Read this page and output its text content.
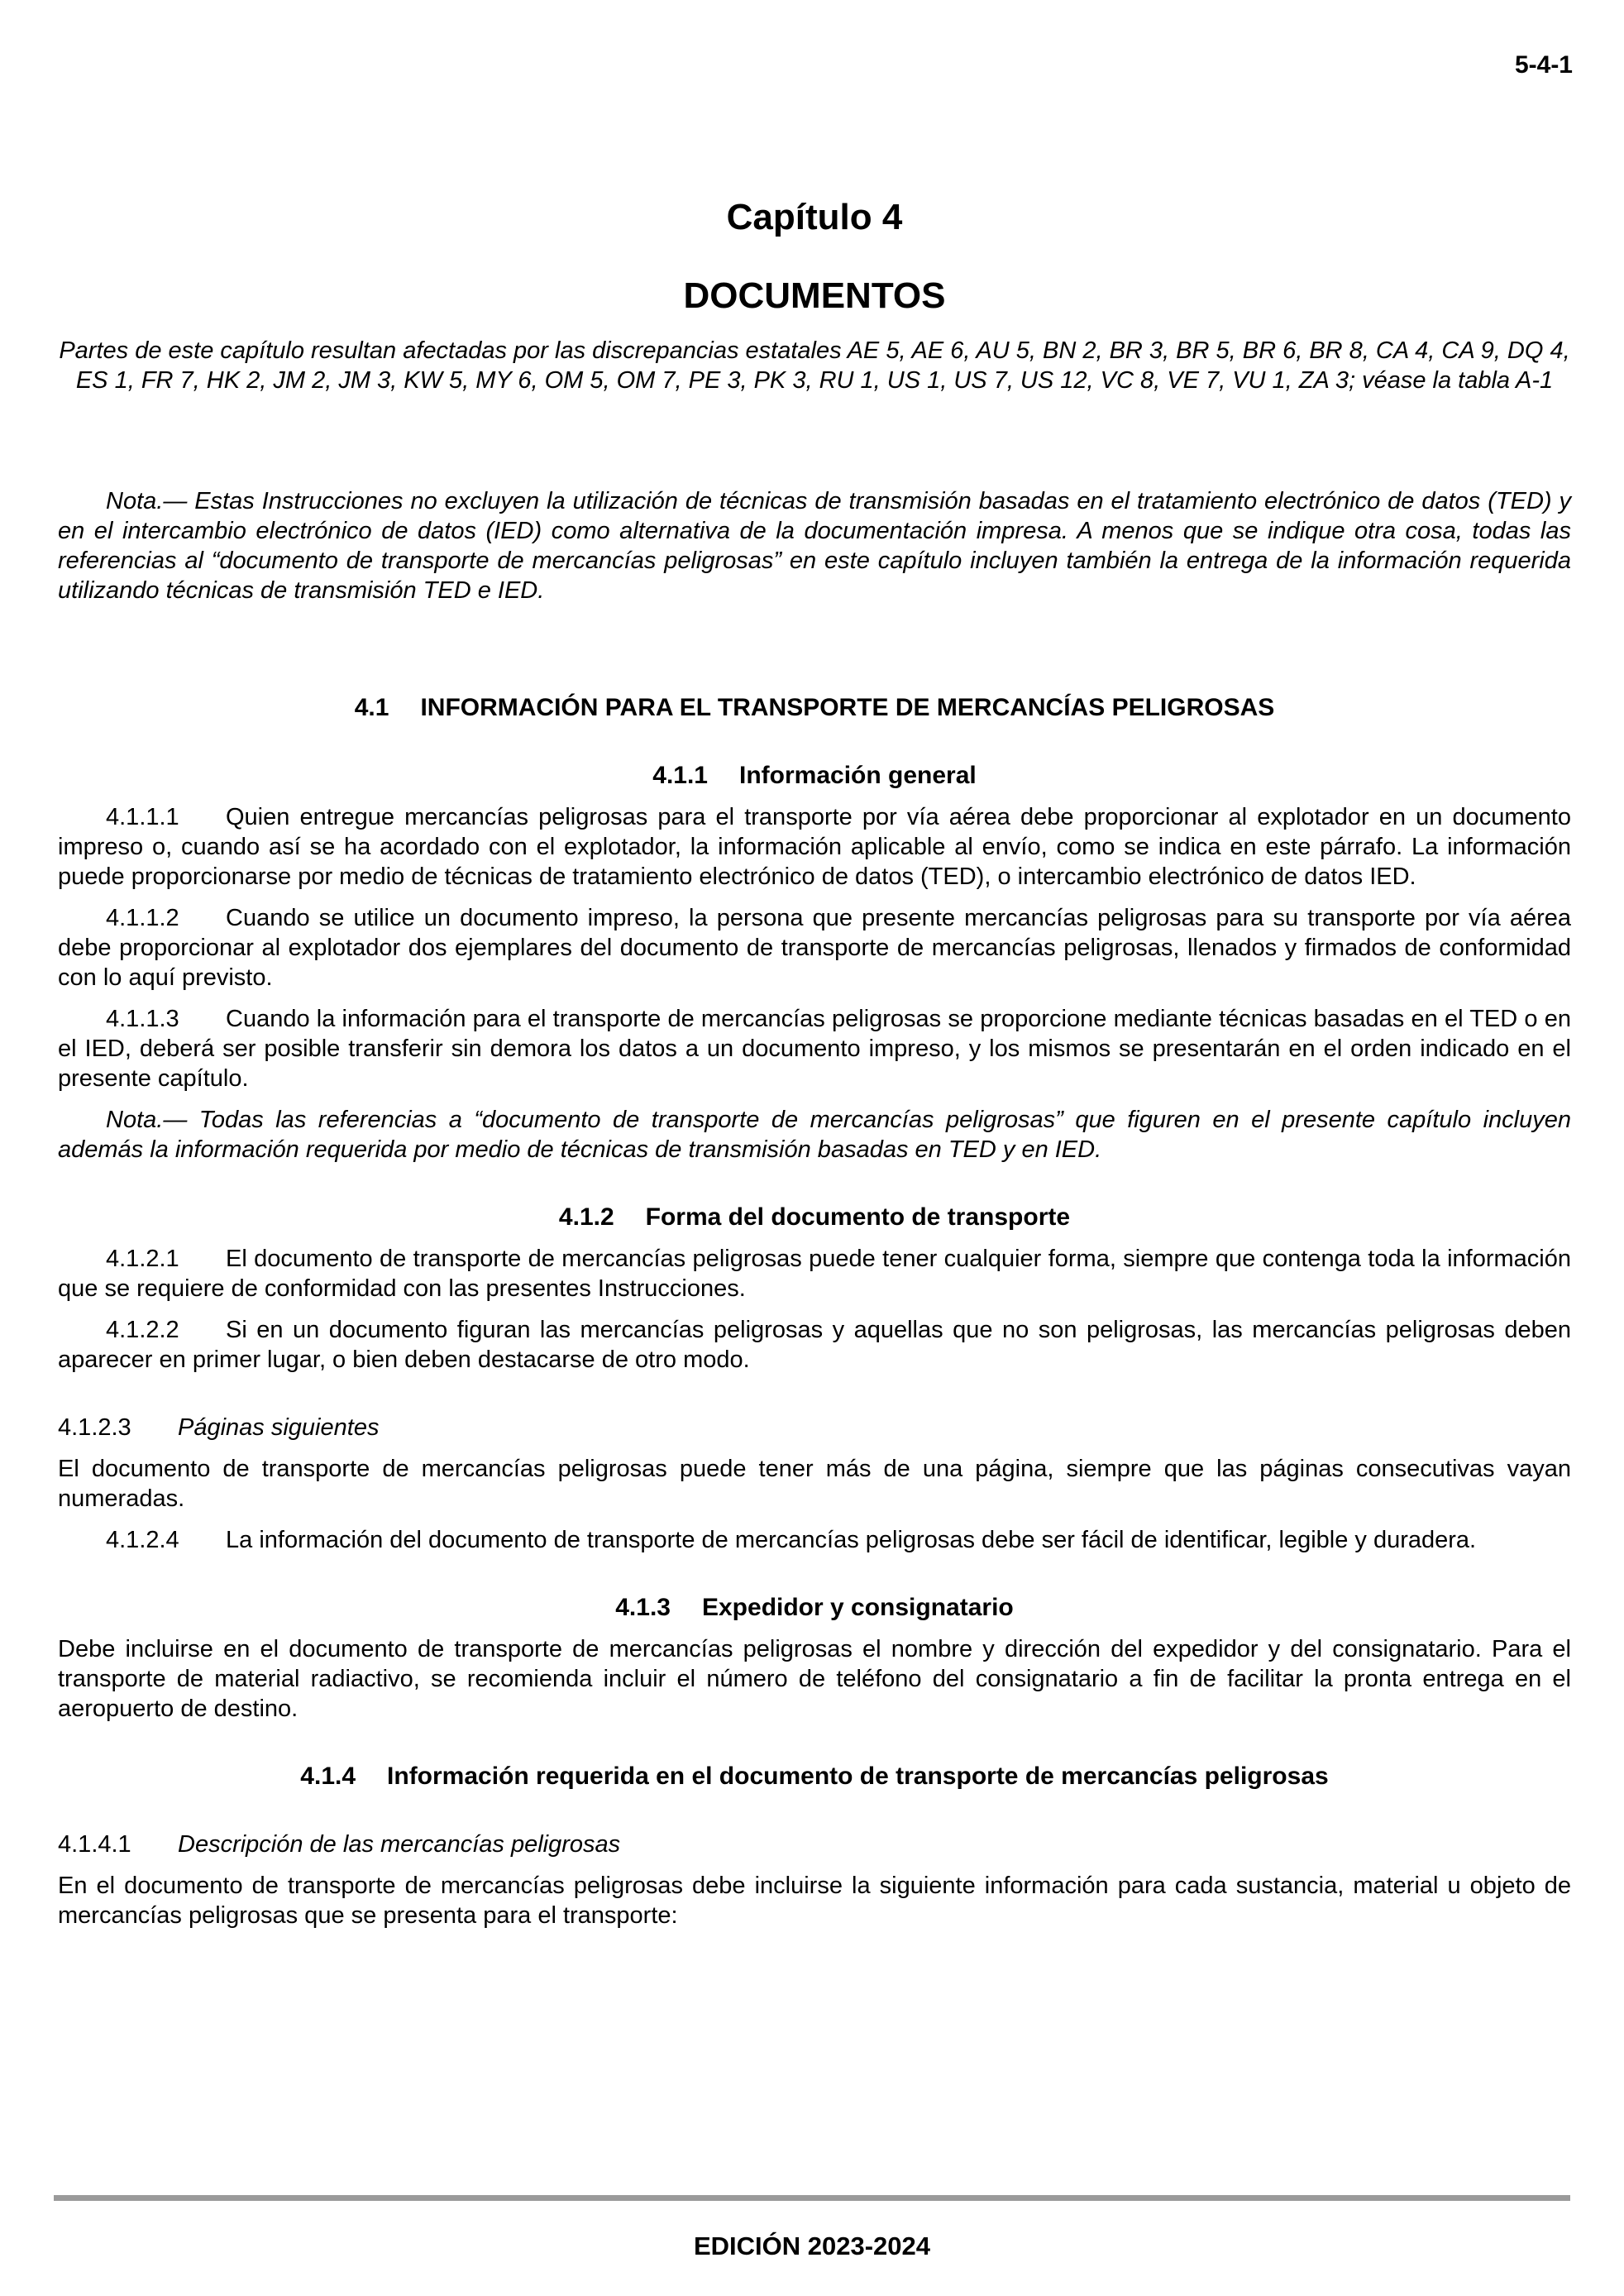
5-4-1
Capítulo 4
DOCUMENTOS

Partes de este capítulo resultan afectadas por las discrepancias estatales AE 5, AE 6, AU 5, BN 2, BR 3, BR 5, BR 6, BR 8, CA 4, CA 9, DQ 4, ES 1, FR 7, HK 2, JM 2, JM 3, KW 5, MY 6, OM 5, OM 7, PE 3, PK 3, RU 1, US 1, US 7, US 12, VC 8, VE 7, VU 1, ZA 3; véase la tabla A-1

Nota.— Estas Instrucciones no excluyen la utilización de técnicas de transmisión basadas en el tratamiento electrónico de datos (TED) y en el intercambio electrónico de datos (IED) como alternativa de la documentación impresa. A menos que se indique otra cosa, todas las referencias al “documento de transporte de mercancías peligrosas” en este capítulo incluyen también la entrega de la información requerida utilizando técnicas de transmisión TED e IED.

4.1 INFORMACIÓN PARA EL TRANSPORTE DE MERCANCÍAS PELIGROSAS
4.1.1 Información general

4.1.1.1 Quien entregue mercancías peligrosas para el transporte por vía aérea debe proporcionar al explotador en un documento impreso o, cuando así se ha acordado con el explotador, la información aplicable al envío, como se indica en este párrafo. La información puede proporcionarse por medio de técnicas de tratamiento electrónico de datos (TED), o intercambio electrónico de datos IED.

4.1.1.2 Cuando se utilice un documento impreso, la persona que presente mercancías peligrosas para su transporte por vía aérea debe proporcionar al explotador dos ejemplares del documento de transporte de mercancías peligrosas, llenados y firmados de conformidad con lo aquí previsto.

4.1.1.3 Cuando la información para el transporte de mercancías peligrosas se proporcione mediante técnicas basadas en el TED o en el IED, deberá ser posible transferir sin demora los datos a un documento impreso, y los mismos se presentarán en el orden indicado en el presente capítulo.

Nota.— Todas las referencias a “documento de transporte de mercancías peligrosas” que figuren en el presente capítulo incluyen además la información requerida por medio de técnicas de transmisión basadas en TED y en IED.

4.1.2 Forma del documento de transporte

4.1.2.1 El documento de transporte de mercancías peligrosas puede tener cualquier forma, siempre que contenga toda la información que se requiere de conformidad con las presentes Instrucciones.

4.1.2.2 Si en un documento figuran las mercancías peligrosas y aquellas que no son peligrosas, las mercancías peligrosas deben aparecer en primer lugar, o bien deben destacarse de otro modo.

4.1.2.3 Páginas siguientes

El documento de transporte de mercancías peligrosas puede tener más de una página, siempre que las páginas consecutivas vayan numeradas.

4.1.2.4 La información del documento de transporte de mercancías peligrosas debe ser fácil de identificar, legible y duradera.

4.1.3 Expedidor y consignatario

Debe incluirse en el documento de transporte de mercancías peligrosas el nombre y dirección del expedidor y del consignatario. Para el transporte de material radiactivo, se recomienda incluir el número de teléfono del consignatario a fin de facilitar la pronta entrega en el aeropuerto de destino.

4.1.4 Información requerida en el documento de transporte de mercancías peligrosas
4.1.4.1 Descripción de las mercancías peligrosas

En el documento de transporte de mercancías peligrosas debe incluirse la siguiente información para cada sustancia, material u objeto de mercancías peligrosas que se presenta para el transporte:

EDICIÓN 2023-2024
